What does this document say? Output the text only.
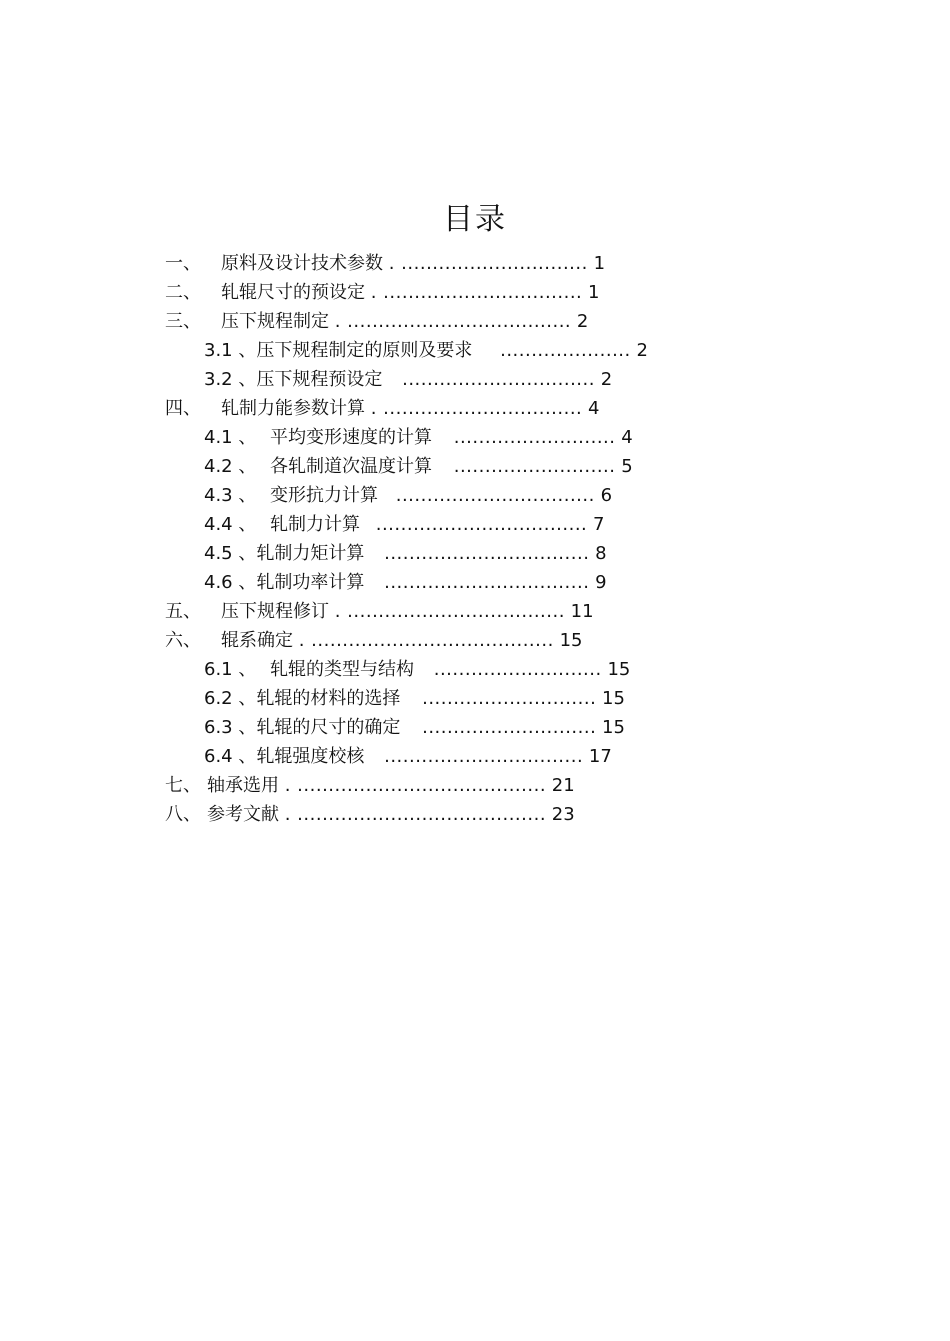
目录
一、 原料及设计技术参数 . .............................. 1
二、 轧辊尺寸的预设定 . ................................ 1
三、 压下规程制定 . .................................... 2
3.1 、压下规程制定的原则及要求 ..................... 2
3.2 、压下规程预设定 ............................... 2
四、 轧制力能参数计算 . ................................ 4
4.1 、 平均变形速度的计算 .......................... 4
4.2 、 各轧制道次温度计算 .......................... 5
4.3 、 变形抗力计算 ................................ 6
4.4 、 轧制力计算 .................................. 7
4.5 、轧制力矩计算 ................................. 8
4.6 、轧制功率计算 ................................. 9
五、 压下规程修订 . ................................... 11
六、 辊系确定 . ....................................... 15
6.1 、 轧辊的类型与结构 ........................... 15
6.2 、轧辊的材料的选择 ............................ 15
6.3 、轧辊的尺寸的确定 ............................ 15
6.4 、轧辊强度校核 ................................ 17
七、 轴承选用 . ........................................ 21
八、 参考文献 . ........................................ 23
